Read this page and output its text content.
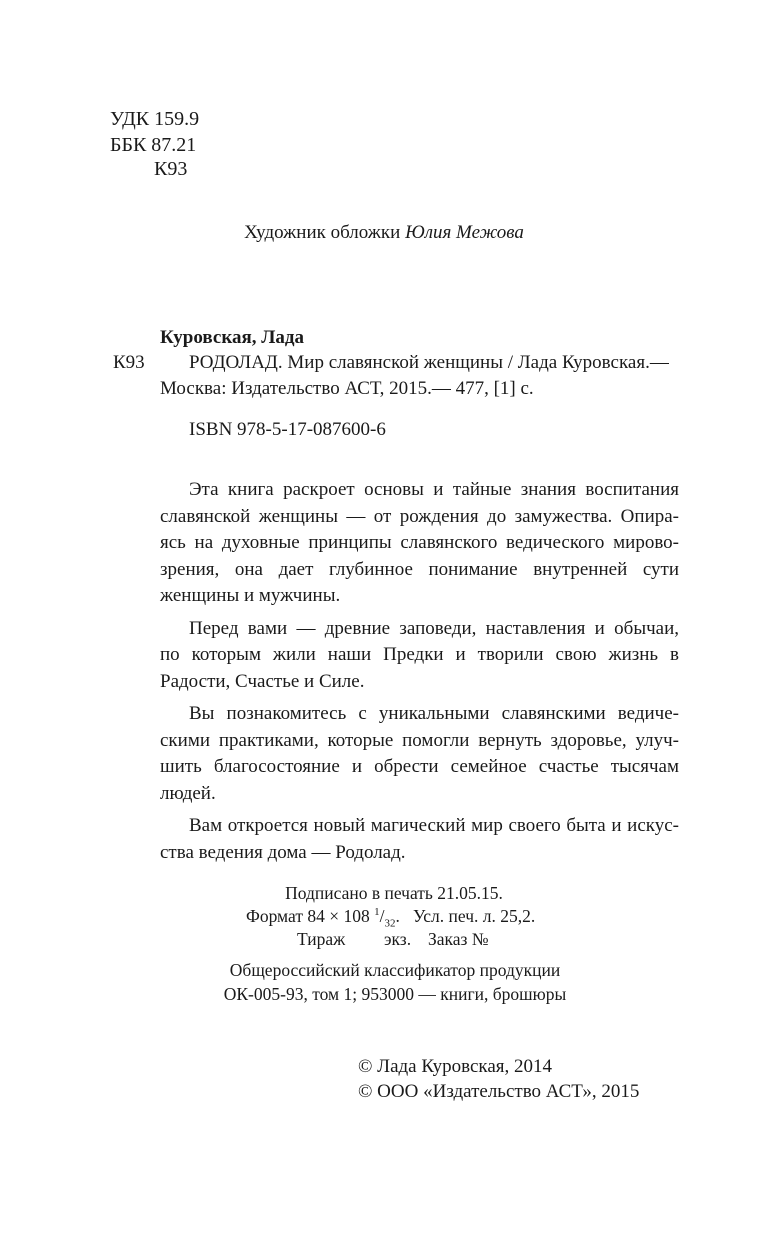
УДК 159.9
ББК 87.21
К93
Художник обложки Юлия Межова
Куровская, Лада
К93 РОДОЛАД. Мир славянской женщины / Лада Куровская.—
Москва: Издательство АСТ, 2015.— 477, [1] с.
ISBN 978-5-17-087600-6

Эта книга раскроет основы и тайные знания воспитания
славянской женщины — от рождения до замужества. Опира-
ясь на духовные принципы славянского ведического мирово-
зрения, она дает глубинное понимание внутренней сути
женщины и мужчины.

Перед вами — древние заповеди, наставления и обычаи,
по которым жили наши Предки и творили свою жизнь в
Радости, Счастье и Силе.

Вы познакомитесь с уникальными славянскими ведиче-
скими практиками, которые помогли вернуть здоровье, улуч-
шить благосостояние и обрести семейное счастье тысячам
людей.

Вам откроется новый магический мир своего быта и искус-
ства ведения дома — Родолад.

Подписано в печать 21.05.15.
Формат 84 × 108 $^1/_{32}$.   Усл. печ. л. 25,2.
Тираж экз. Заказ №
Общероссийский классификатор продукции
ОК-005-93, том 1; 953000 — книги, брошюры
© Лада Куровская, 2014
© ООО «Издательство АСТ», 2015
